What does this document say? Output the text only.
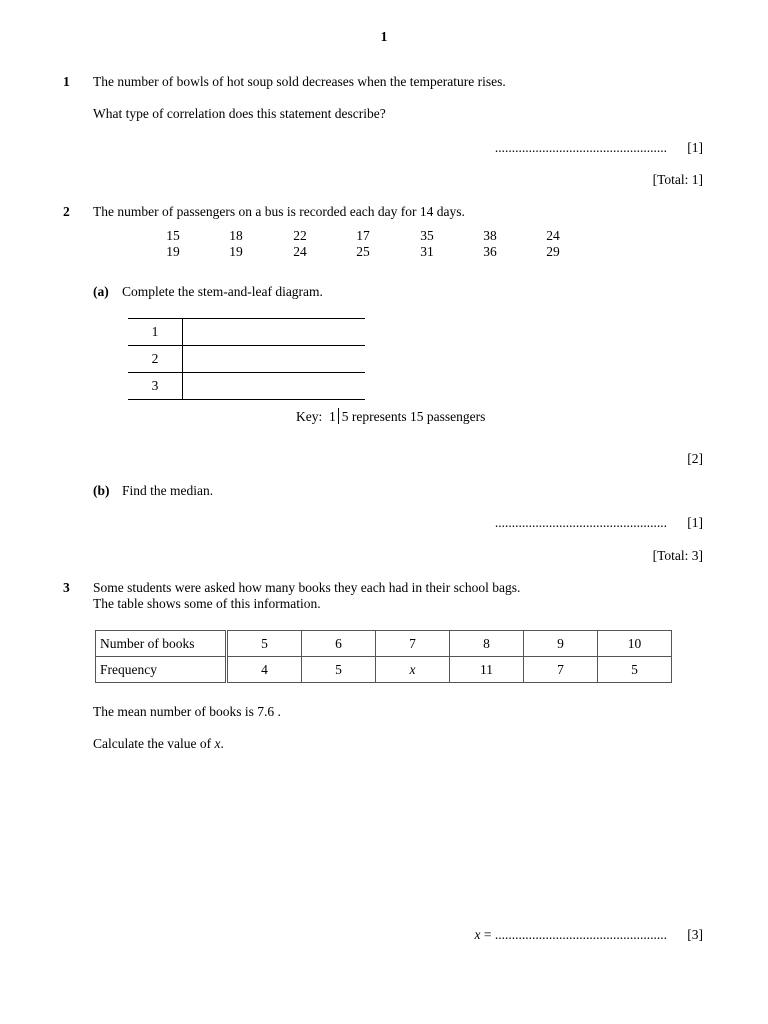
1
1 The number of bowls of hot soup sold decreases when the temperature rises.
What type of correlation does this statement describe?
................................................... [1]
[Total: 1]
2 The number of passengers on a bus is recorded each day for 14 days.
15	18	22	17	35	38	24
19	19	24	25	31	36	29
(a) Complete the stem-and-leaf diagram.
1
2
3
Key: 1 5 represents 15 passengers
[2]
(b) Find the median.
................................................... [1]
[Total: 3]
3 Some students were asked how many books they each had in their school bags.
The table shows some of this information.
Number of books	5	6	7	8	9	10
Frequency	4	5	x	11	7	5
The mean number of books is 7.6 .
Calculate the value of x.
x = ................................................... [3]
